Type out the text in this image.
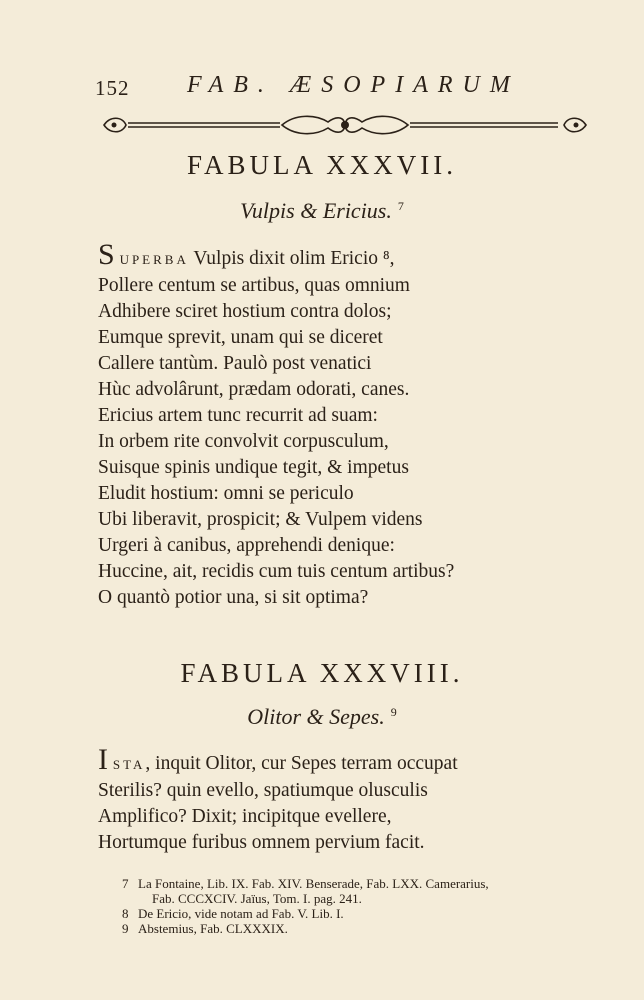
152 FAB. ÆSOPIARUM
FABULA XXXVII.
Vulpis & Ericius. $^7$
S UPERBA Vulpis dixit olim Ericio ⁸,
Pollere centum se artibus, quas omnium
Adhibere sciret hostium contra dolos;
Eumque sprevit, unam qui se diceret
Callere tantùm. Paulò post venatici
Hùc advolârunt, prædam odorati, canes.
Ericius artem tunc recurrit ad suam:
In orbem rite convolvit corpusculum,
Suisque spinis undique tegit, & impetus
Eludit hostium: omni se periculo
Ubi liberavit, prospicit; & Vulpem videns
Urgeri à canibus, apprehendi denique:
Huccine, ait, recidis cum tuis centum artibus?
O quantò potior una, si sit optima?
FABULA XXXVIII.
Olitor & Sepes. $^9$
I STA, inquit Olitor, cur Sepes terram occupat
Sterilis? quin evello, spatiumque olusculis
Amplifico? Dixit; incipitque evellere,
Hortumque furibus omnem pervium facit.
7 La Fontaine, Lib. IX. Fab. XIV. Benserade, Fab. LXX. Camerarius,
Fab. CCCXCIV. Jaïus, Tom. I. pag. 241.
8 De Ericio, vide notam ad Fab. V. Lib. I.
9 Abstemius, Fab. CLXXXIX.
